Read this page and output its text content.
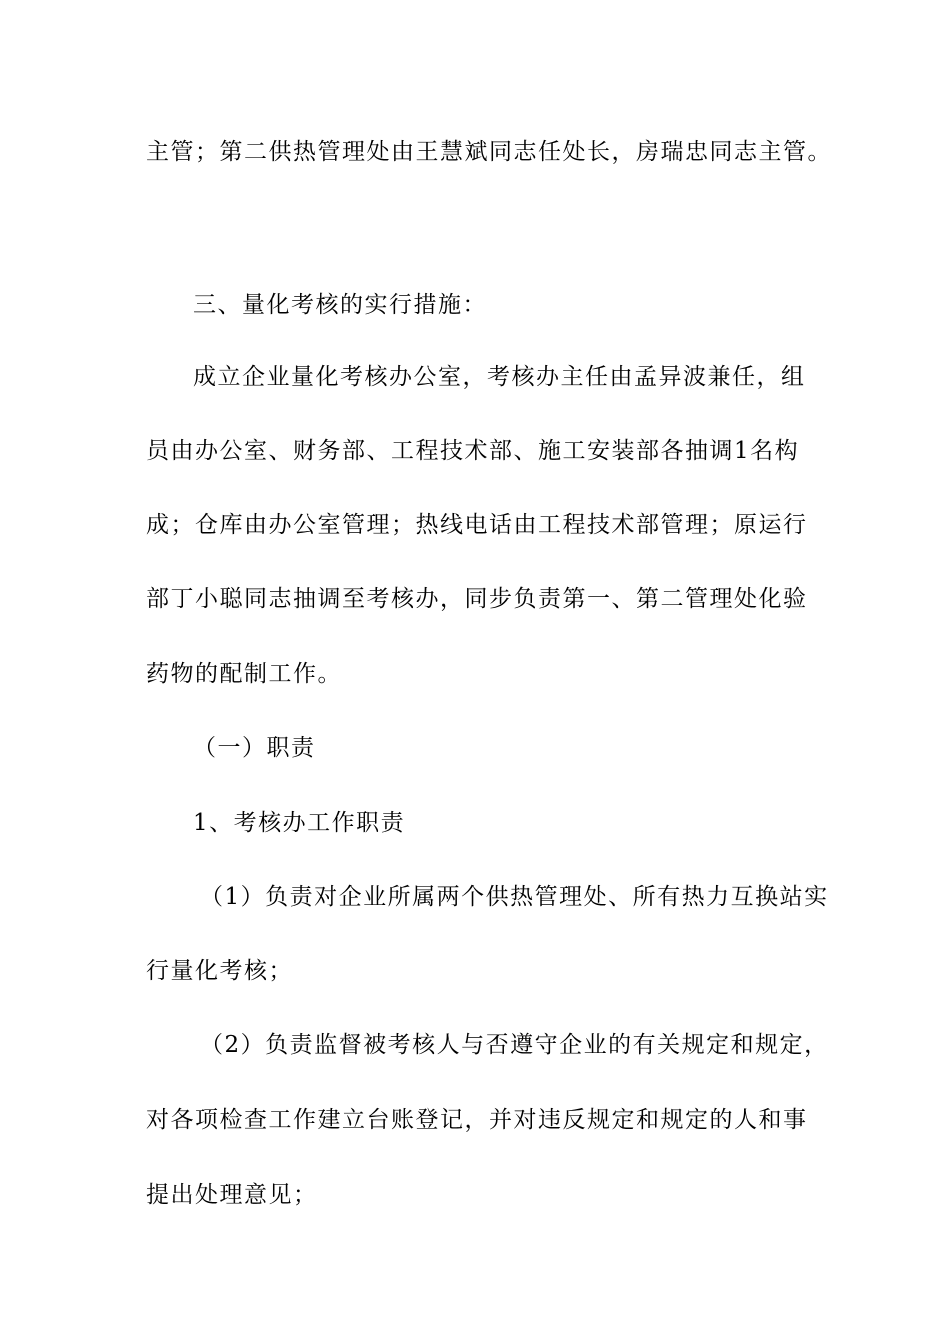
主管；第二供热管理处由王慧斌同志任处长，房瑞忠同志主管。
三、量化考核的实行措施：
成立企业量化考核办公室，考核办主任由孟异波兼任，组
员由办公室、财务部、工程技术部、施工安装部各抽调1名构
成；仓库由办公室管理；热线电话由工程技术部管理；原运行
部丁小聪同志抽调至考核办，同步负责第一、第二管理处化验
药物的配制工作。
（一）职责
1、考核办工作职责
（1）负责对企业所属两个供热管理处、所有热力互换站实
行量化考核；
（2）负责监督被考核人与否遵守企业的有关规定和规定，
对各项检查工作建立台账登记，并对违反规定和规定的人和事
提出处理意见；
